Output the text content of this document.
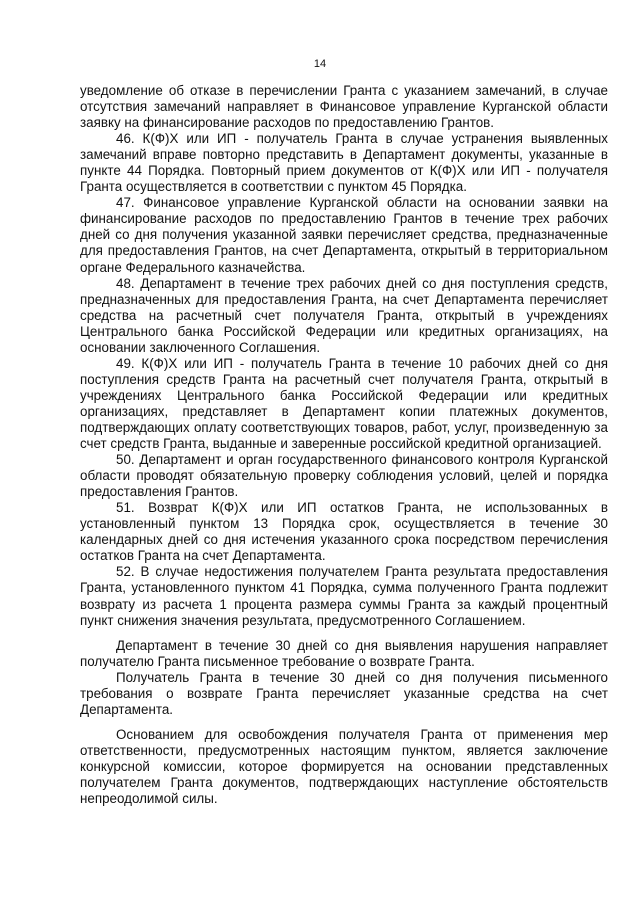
14

уведомление об отказе в перечислении Гранта с указанием замечаний, в случае отсутствия замечаний направляет в Финансовое управление Курганской области заявку на финансирование расходов по предоставлению Грантов.

46. К(Ф)Х или ИП - получатель Гранта в случае устранения выявленных замечаний вправе повторно представить в Департамент документы, указанные в пункте 44 Порядка. Повторный прием документов от К(Ф)Х или ИП - получателя Гранта осуществляется в соответствии с пунктом 45 Порядка.

47. Финансовое управление Курганской области на основании заявки на финансирование расходов по предоставлению Грантов в течение трех рабочих дней со дня получения указанной заявки перечисляет средства, предназначенные для предоставления Грантов, на счет Департамента, открытый в территориальном органе Федерального казначейства.

48. Департамент в течение трех рабочих дней со дня поступления средств, предназначенных для предоставления Гранта, на счет Департамента перечисляет средства на расчетный счет получателя Гранта, открытый в учреждениях Центрального банка Российской Федерации или кредитных организациях, на основании заключенного Соглашения.

49. К(Ф)Х или ИП - получатель Гранта в течение 10 рабочих дней со дня поступления средств Гранта на расчетный счет получателя Гранта, открытый в учреждениях Центрального банка Российской Федерации или кредитных организациях, представляет в Департамент копии платежных документов, подтверждающих оплату соответствующих товаров, работ, услуг, произведенную за счет средств Гранта, выданные и заверенные российской кредитной организацией.

50. Департамент и орган государственного финансового контроля Курганской области проводят обязательную проверку соблюдения условий, целей и порядка предоставления Грантов.

51. Возврат К(Ф)Х или ИП остатков Гранта, не использованных в установленный пунктом 13 Порядка срок, осуществляется в течение 30 календарных дней со дня истечения указанного срока посредством перечисления остатков Гранта на счет Департамента.

52. В случае недостижения получателем Гранта результата предоставления Гранта, установленного пунктом 41 Порядка, сумма полученного Гранта подлежит возврату из расчета 1 процента размера суммы Гранта за каждый процентный пункт снижения значения результата, предусмотренного Соглашением.

Департамент в течение 30 дней со дня выявления нарушения направляет получателю Гранта письменное требование о возврате Гранта.

Получатель Гранта в течение 30 дней со дня получения письменного требования о возврате Гранта перечисляет указанные средства на счет Департамента.

Основанием для освобождения получателя Гранта от применения мер ответственности, предусмотренных настоящим пунктом, является заключение конкурсной комиссии, которое формируется на основании представленных получателем Гранта документов, подтверждающих наступление обстоятельств непреодолимой силы.
